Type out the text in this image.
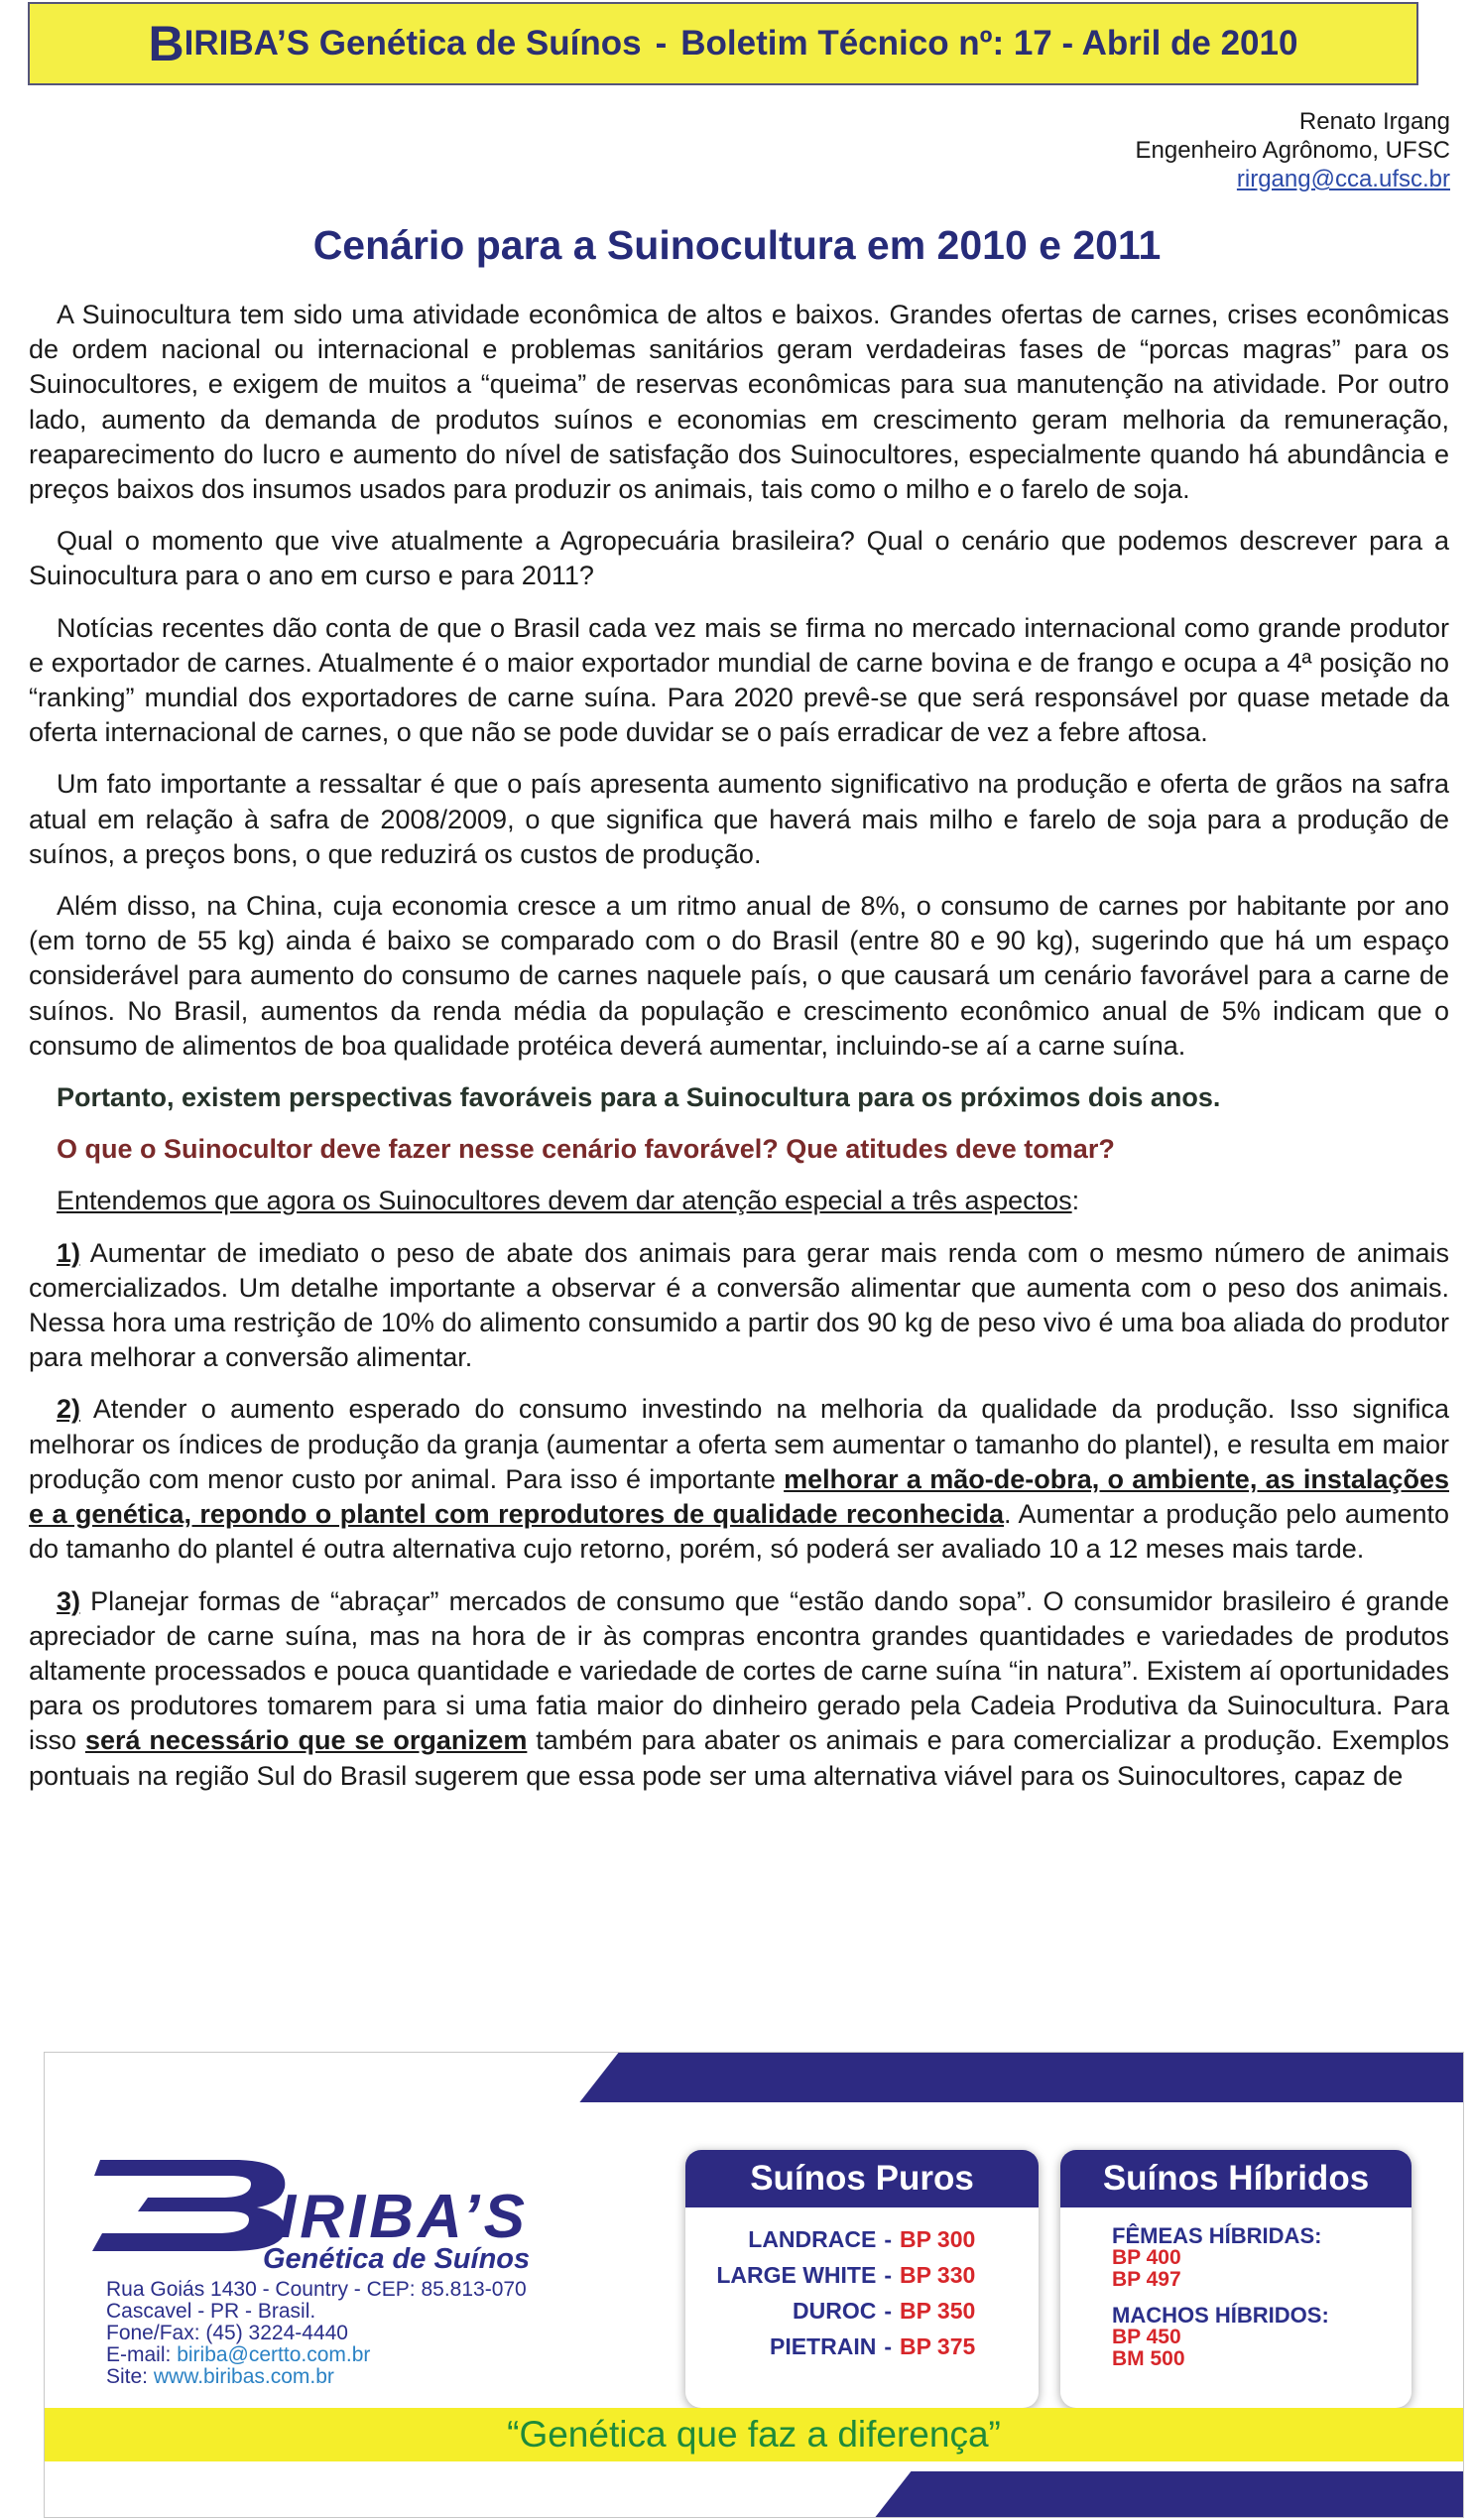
B IRIBA’S Genética de Suínos - Boletim Técnico nº: 17 - Abril de 2010
Renato Irgang
Engenheiro Agrônomo, UFSC
rirgang@cca.ufsc.br
Cenário para a Suinocultura em 2010 e 2011

A Suinocultura tem sido uma atividade econômica de altos e baixos. Grandes ofertas de carnes, crises econômicas de ordem nacional ou internacional e problemas sanitários geram verdadeiras fases de “porcas magras” para os Suinocultores, e exigem de muitos a “queima” de reservas econômicas para sua manutenção na atividade. Por outro lado, aumento da demanda de produtos suínos e economias em crescimento geram melhoria da remuneração, reaparecimento do lucro e aumento do nível de satisfação dos Suinocultores, especialmente quando há abundância e preços baixos dos insumos usados para produzir os animais, tais como o milho e o farelo de soja.

Qual o momento que vive atualmente a Agropecuária brasileira? Qual o cenário que podemos descrever para a Suinocultura para o ano em curso e para 2011?

Notícias recentes dão conta de que o Brasil cada vez mais se firma no mercado internacional como grande produtor e exportador de carnes. Atualmente é o maior exportador mundial de carne bovina e de frango e ocupa a 4ª posição no “ranking” mundial dos exportadores de carne suína. Para 2020 prevê-se que será responsável por quase metade da oferta internacional de carnes, o que não se pode duvidar se o país erradicar de vez a febre aftosa.

Um fato importante a ressaltar é que o país apresenta aumento significativo na produção e oferta de grãos na safra atual em relação à safra de 2008/2009, o que significa que haverá mais milho e farelo de soja para a produção de suínos, a preços bons, o que reduzirá os custos de produção.

Além disso, na China, cuja economia cresce a um ritmo anual de 8%, o consumo de carnes por habitante por ano (em torno de 55 kg) ainda é baixo se comparado com o do Brasil (entre 80 e 90 kg), sugerindo que há um espaço considerável para aumento do consumo de carnes naquele país, o que causará um cenário favorável para a carne de suínos. No Brasil, aumentos da renda média da população e crescimento econômico anual de 5% indicam que o consumo de alimentos de boa qualidade protéica deverá aumentar, incluindo-se aí a carne suína.

Portanto, existem perspectivas favoráveis para a Suinocultura para os próximos dois anos.

O que o Suinocultor deve fazer nesse cenário favorável? Que atitudes deve tomar?

Entendemos que agora os Suinocultores devem dar atenção especial a três aspectos:

1) Aumentar de imediato o peso de abate dos animais para gerar mais renda com o mesmo número de animais comercializados. Um detalhe importante a observar é a conversão alimentar que aumenta com o peso dos animais. Nessa hora uma restrição de 10% do alimento consumido a partir dos 90 kg de peso vivo é uma boa aliada do produtor para melhorar a conversão alimentar.

2) Atender o aumento esperado do consumo investindo na melhoria da qualidade da produção. Isso significa melhorar os índices de produção da granja (aumentar a oferta sem aumentar o tamanho do plantel), e resulta em maior produção com menor custo por animal. Para isso é importante melhorar a mão-de-obra, o ambiente, as instalações e a genética, repondo o plantel com reprodutores de qualidade reconhecida. Aumentar a produção pelo aumento do tamanho do plantel é outra alternativa cujo retorno, porém, só poderá ser avaliado 10 a 12 meses mais tarde.

3) Planejar formas de “abraçar” mercados de consumo que “estão dando sopa”. O consumidor brasileiro é grande apreciador de carne suína, mas na hora de ir às compras encontra grandes quantidades e variedades de produtos altamente processados e pouca quantidade e variedade de cortes de carne suína “in natura”. Existem aí oportunidades para os produtores tomarem para si uma fatia maior do dinheiro gerado pela Cadeia Produtiva da Suinocultura. Para isso será necessário que se organizem também para abater os animais e para comercializar a produção. Exemplos pontuais na região Sul do Brasil sugerem que essa pode ser uma alternativa viável para os Suinocultores, capaz de

IRIBA’S
Genética de Suínos
Rua Goiás 1430 - Country - CEP: 85.813-070
Cascavel - PR - Brasil.
Fone/Fax: (45) 3224-4440
E-mail: biriba@certto.com.br
Site: www.biribas.com.br
Suínos Puros
LANDRACE - BP 300
LARGE WHITE - BP 330
DUROC - BP 350
PIETRAIN - BP 375
Suínos Híbridos
FÊMEAS HÍBRIDAS:
BP 400
BP 497
MACHOS HÍBRIDOS:
BP 450
BM 500
“Genética que faz a diferença”
